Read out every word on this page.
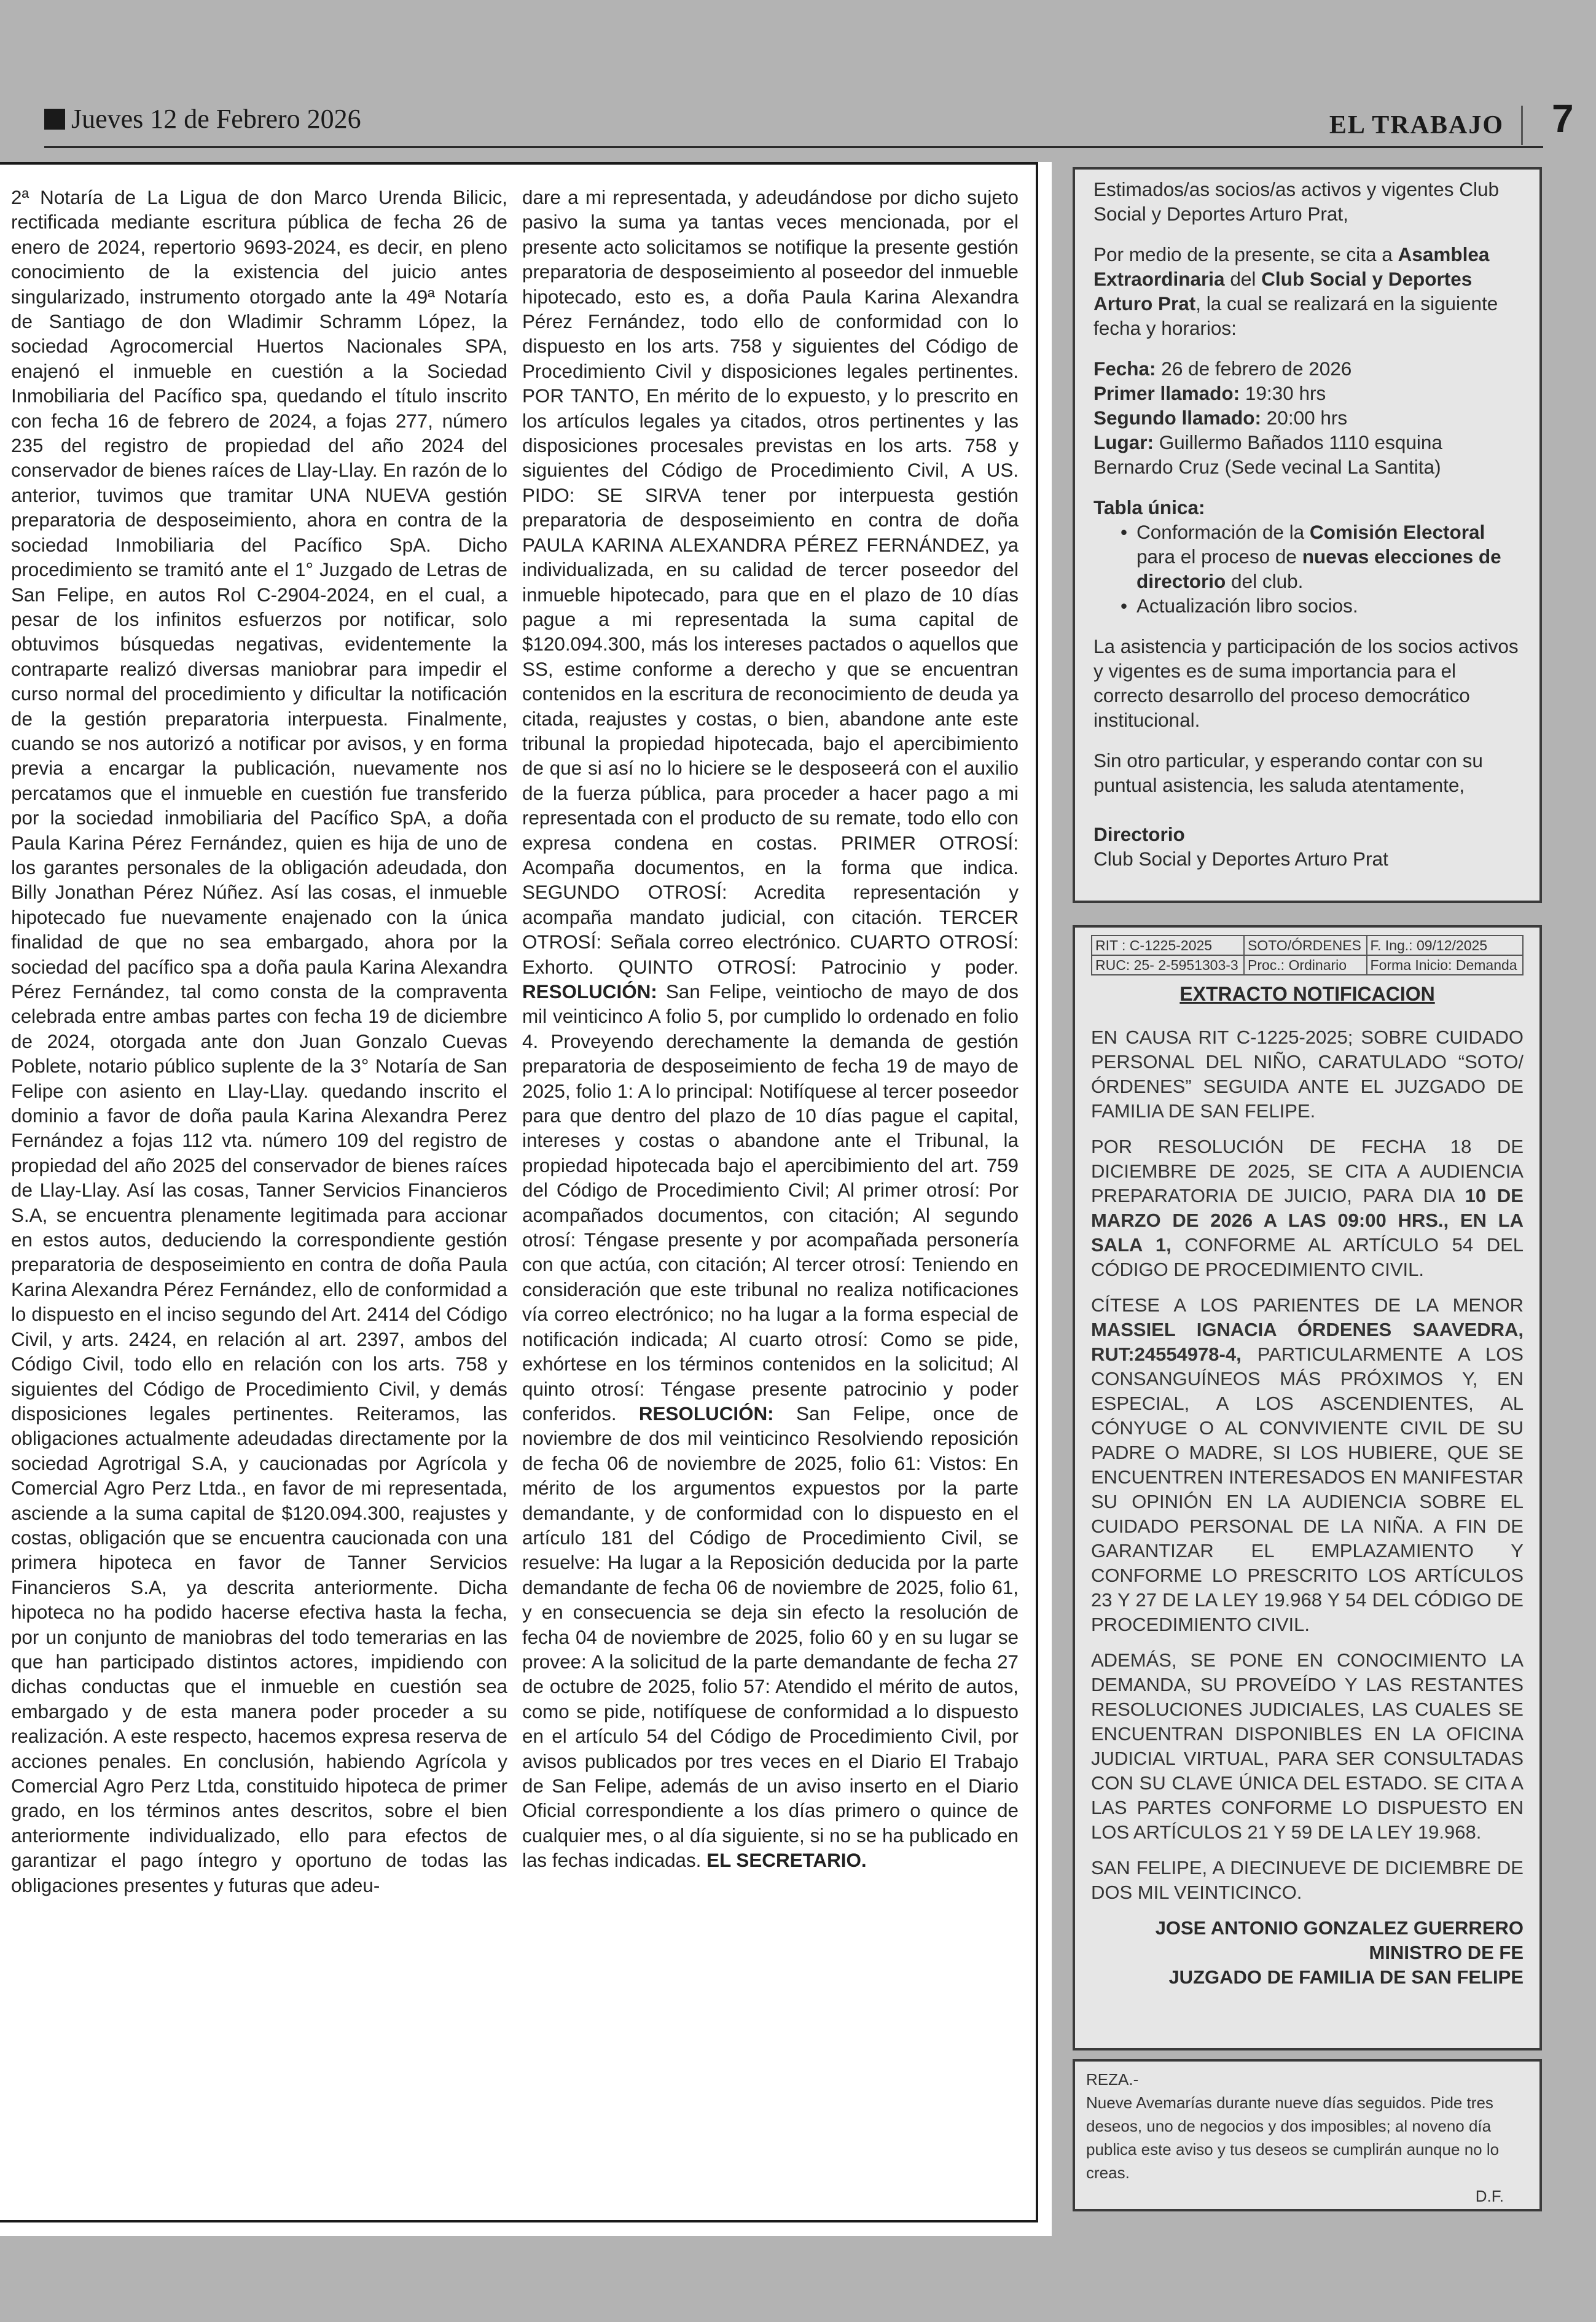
Jueves 12 de Febrero 2026	EL TRABAJO 7

2ª Notaría de La Ligua de don Marco Urenda Bilicic, rectificada mediante escritura pública de fecha 26 de enero de 2024, repertorio 9693-2024, es decir, en pleno conocimiento de la existencia del juicio antes singularizado, instrumento otorgado ante la 49ª Notaría de Santiago de don Wladimir Schramm López, la sociedad Agrocomercial Huertos Nacionales SPA, enajenó el inmueble en cuestión a la Sociedad Inmobiliaria del Pacífico spa, quedando el título inscrito con fecha 16 de febrero de 2024, a fojas 277, número 235 del registro de propiedad del año 2024 del conservador de bienes raíces de Llay-Llay. En razón de lo anterior, tuvimos que tramitar UNA NUEVA gestión preparatoria de desposeimiento, ahora en contra de la sociedad Inmobiliaria del Pacífico SpA. Dicho procedimiento se tramitó ante el 1° Juzgado de Letras de San Felipe, en autos Rol C-2904-2024, en el cual, a pesar de los infinitos esfuerzos por notificar, solo obtuvimos búsquedas negativas, evidentemente la contraparte realizó diversas maniobrar para impedir el curso normal del procedimiento y dificultar la notificación de la gestión preparatoria interpuesta. Finalmente, cuando se nos autorizó a notificar por avisos, y en forma previa a encargar la publicación, nuevamente nos percatamos que el inmueble en cuestión fue transferido por la sociedad inmobiliaria del Pacífico SpA, a doña Paula Karina Pérez Fernández, quien es hija de uno de los garantes personales de la obligación adeudada, don Billy Jonathan Pérez Núñez. Así las cosas, el inmueble hipotecado fue nuevamente enajenado con la única finalidad de que no sea embargado, ahora por la sociedad del pacífico spa a doña paula Karina Alexandra Pérez Fernández, tal como consta de la compraventa celebrada entre ambas partes con fecha 19 de diciembre de 2024, otorgada ante don Juan Gonzalo Cuevas Poblete, notario público suplente de la 3° Notaría de San Felipe con asiento en Llay-Llay. quedando inscrito el dominio a favor de doña paula Karina Alexandra Perez Fernández a fojas 112 vta. número 109 del registro de propiedad del año 2025 del conservador de bienes raíces de Llay-Llay. Así las cosas, Tanner Servicios Financieros S.A, se encuentra plenamente legitimada para accionar en estos autos, deduciendo la correspondiente gestión preparatoria de desposeimiento en contra de doña Paula Karina Alexandra Pérez Fernández, ello de conformidad a lo dispuesto en el inciso segundo del Art. 2414 del Código Civil, y arts. 2424, en relación al art. 2397, ambos del Código Civil, todo ello en relación con los arts. 758 y siguientes del Código de Procedimiento Civil, y demás disposiciones legales pertinentes. Reiteramos, las obligaciones actualmente adeudadas directamente por la sociedad Agrotrigal S.A, y caucionadas por Agrícola y Comercial Agro Perz Ltda., en favor de mi representada, asciende a la suma capital de $120.094.300, reajustes y costas, obligación que se encuentra caucionada con una primera hipoteca en favor de Tanner Servicios Financieros S.A, ya descrita anteriormente. Dicha hipoteca no ha podido hacerse efectiva hasta la fecha, por un conjunto de maniobras del todo temerarias en las que han participado distintos actores, impidiendo con dichas conductas que el inmueble en cuestión sea embargado y de esta manera poder proceder a su realización. A este respecto, hacemos expresa reserva de acciones penales. En conclusión, habiendo Agrícola y Comercial Agro Perz Ltda, constituido hipoteca de primer grado, en los términos antes descritos, sobre el bien anteriormente individualizado, ello para efectos de garantizar el pago íntegro y oportuno de todas las obligaciones presentes y futuras que adeu-

dare a mi representada, y adeudándose por dicho sujeto pasivo la suma ya tantas veces mencionada, por el presente acto solicitamos se notifique la presente gestión preparatoria de desposeimiento al poseedor del inmueble hipotecado, esto es, a doña Paula Karina Alexandra Pérez Fernández, todo ello de conformidad con lo dispuesto en los arts. 758 y siguientes del Código de Procedimiento Civil y disposiciones legales pertinentes. POR TANTO, En mérito de lo expuesto, y lo prescrito en los artículos legales ya citados, otros pertinentes y las disposiciones procesales previstas en los arts. 758 y siguientes del Código de Procedimiento Civil, A US. PIDO: SE SIRVA tener por interpuesta gestión preparatoria de desposeimiento en contra de doña PAULA KARINA ALEXANDRA PÉREZ FERNÁNDEZ, ya individualizada, en su calidad de tercer poseedor del inmueble hipotecado, para que en el plazo de 10 días pague a mi representada la suma capital de $120.094.300, más los intereses pactados o aquellos que SS, estime conforme a derecho y que se encuentran contenidos en la escritura de reconocimiento de deuda ya citada, reajustes y costas, o bien, abandone ante este tribunal la propiedad hipotecada, bajo el apercibimiento de que si así no lo hiciere se le desposeerá con el auxilio de la fuerza pública, para proceder a hacer pago a mi representada con el producto de su remate, todo ello con expresa condena en costas. PRIMER OTROSÍ: Acompaña documentos, en la forma que indica. SEGUNDO OTROSÍ: Acredita representación y acompaña mandato judicial, con citación. TERCER OTROSÍ: Señala correo electrónico. CUARTO OTROSÍ: Exhorto. QUINTO OTROSÍ: Patrocinio y poder. RESOLUCIÓN: San Felipe, veintiocho de mayo de dos mil veinticinco A folio 5, por cumplido lo ordenado en folio 4. Proveyendo derechamente la demanda de gestión preparatoria de desposeimiento de fecha 19 de mayo de 2025, folio 1: A lo principal: Notifíquese al tercer poseedor para que dentro del plazo de 10 días pague el capital, intereses y costas o abandone ante el Tribunal, la propiedad hipotecada bajo el apercibimiento del art. 759 del Código de Procedimiento Civil; Al primer otrosí: Por acompañados documentos, con citación; Al segundo otrosí: Téngase presente y por acompañada personería con que actúa, con citación; Al tercer otrosí: Teniendo en consideración que este tribunal no realiza notificaciones vía correo electrónico; no ha lugar a la forma especial de notificación indicada; Al cuarto otrosí: Como se pide, exhórtese en los términos contenidos en la solicitud; Al quinto otrosí: Téngase presente patrocinio y poder conferidos. RESOLUCIÓN: San Felipe, once de noviembre de dos mil veinticinco Resolviendo reposición de fecha 06 de noviembre de 2025, folio 61: Vistos: En mérito de los argumentos expuestos por la parte demandante, y de conformidad con lo dispuesto en el artículo 181 del Código de Procedimiento Civil, se resuelve: Ha lugar a la Reposición deducida por la parte demandante de fecha 06 de noviembre de 2025, folio 61, y en consecuencia se deja sin efecto la resolución de fecha 04 de noviembre de 2025, folio 60 y en su lugar se provee: A la solicitud de la parte demandante de fecha 27 de octubre de 2025, folio 57: Atendido el mérito de autos, como se pide, notifíquese de conformidad a lo dispuesto en el artículo 54 del Código de Procedimiento Civil, por avisos publicados por tres veces en el Diario El Trabajo de San Felipe, además de un aviso inserto en el Diario Oficial correspondiente a los días primero o quince de cualquier mes, o al día siguiente, si no se ha publicado en las fechas indicadas. EL SECRETARIO.

Estimados/as socios/as activos y vigentes Club Social y Deportes Arturo Prat,

Por medio de la presente, se cita a Asamblea Extraordinaria del Club Social y Deportes Arturo Prat, la cual se realizará en la siguiente fecha y horarios:

Fecha: 26 de febrero de 2026
Primer llamado: 19:30 hrs
Segundo llamado: 20:00 hrs
Lugar: Guillermo Bañados 1110 esquina Bernardo Cruz (Sede vecinal La Santita)

Tabla única:

• Conformación de la Comisión Electoral para el proceso de nuevas elecciones de directorio del club.
• Actualización libro socios.

La asistencia y participación de los socios activos y vigentes es de suma importancia para el correcto desarrollo del proceso democrático institucional.

Sin otro particular, y esperando contar con su puntual asistencia, les saluda atentamente,

Directorio
Club Social y Deportes Arturo Prat

RIT : C-1225-2025	SOTO/ÓRDENES	F. Ing.: 09/12/2025
RUC: 25- 2-5951303-3	Proc.: Ordinario	Forma Inicio: Demanda
EXTRACTO NOTIFICACION

EN CAUSA RIT C-1225-2025; SOBRE CUIDADO PERSONAL DEL NIÑO, CARATULADO “SOTO/ÓRDENES” SEGUIDA ANTE EL JUZGADO DE FAMILIA DE SAN FELIPE.

POR RESOLUCIÓN DE FECHA 18 DE DICIEMBRE DE 2025, SE CITA A AUDIENCIA PREPARATORIA DE JUICIO, PARA DIA 10 DE MARZO DE 2026 A LAS 09:00 HRS., EN LA SALA 1, CONFORME AL ARTÍCULO 54 DEL CÓDIGO DE PROCEDIMIENTO CIVIL.

CÍTESE A LOS PARIENTES DE LA MENOR MASSIEL IGNACIA ÓRDENES SAAVEDRA, RUT:24554978-4, PARTICULARMENTE A LOS CONSANGUÍNEOS MÁS PRÓXIMOS Y, EN ESPECIAL, A LOS ASCENDIENTES, AL CÓNYUGE O AL CONVIVIENTE CIVIL DE SU PADRE O MADRE, SI LOS HUBIERE, QUE SE ENCUENTREN INTERESADOS EN MANIFESTAR SU OPINIÓN EN LA AUDIENCIA SOBRE EL CUIDADO PERSONAL DE LA NIÑA. A FIN DE GARANTIZAR EL EMPLAZAMIENTO Y CONFORME LO PRESCRITO LOS ARTÍCULOS 23 Y 27 DE LA LEY 19.968 Y 54 DEL CÓDIGO DE PROCEDIMIENTO CIVIL.

ADEMÁS, SE PONE EN CONOCIMIENTO LA DEMANDA, SU PROVEÍDO Y LAS RESTANTES RESOLUCIONES JUDICIALES, LAS CUALES SE ENCUENTRAN DISPONIBLES EN LA OFICINA JUDICIAL VIRTUAL, PARA SER CONSULTADAS CON SU CLAVE ÚNICA DEL ESTADO. SE CITA A LAS PARTES CONFORME LO DISPUESTO EN LOS ARTÍCULOS 21 Y 59 DE LA LEY 19.968.

SAN FELIPE, A DIECINUEVE DE DICIEMBRE DE DOS MIL VEINTICINCO.

JOSE ANTONIO GONZALEZ GUERRERO
MINISTRO DE FE
JUZGADO DE FAMILIA DE SAN FELIPE

REZA.-

Nueve Avemarías durante nueve días seguidos. Pide tres deseos, uno de negocios y dos imposibles; al noveno día publica este aviso y tus deseos se cumplirán aunque no lo creas.

D.F.
